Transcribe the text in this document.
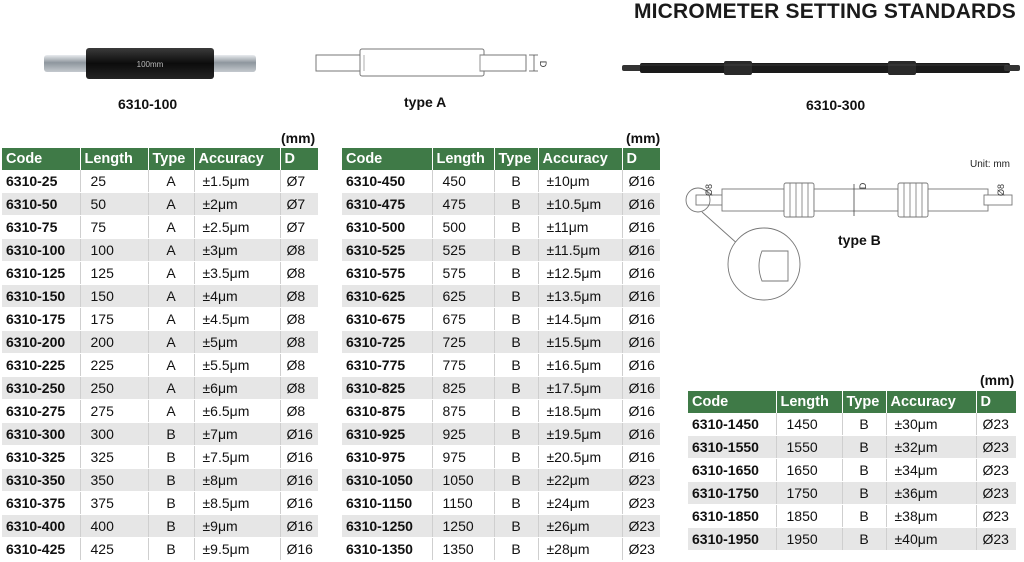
MICROMETER SETTING STANDARDS
100mm
6310-100
D
type A	6310-300
Unit: mm
Ø8	D	Ø8
type B
(mm)	(mm)
(mm)
Code	Length	Type	Accuracy	D
6310-25	25	A	±1.5μm	Ø7
6310-50	50	A	±2μm	Ø7
6310-75	75	A	±2.5μm	Ø7
6310-100	100	A	±3μm	Ø8
6310-125	125	A	±3.5μm	Ø8
6310-150	150	A	±4μm	Ø8
6310-175	175	A	±4.5μm	Ø8
6310-200	200	A	±5μm	Ø8
6310-225	225	A	±5.5μm	Ø8
6310-250	250	A	±6μm	Ø8
6310-275	275	A	±6.5μm	Ø8
6310-300	300	B	±7μm	Ø16
6310-325	325	B	±7.5μm	Ø16
6310-350	350	B	±8μm	Ø16
6310-375	375	B	±8.5μm	Ø16
6310-400	400	B	±9μm	Ø16
6310-425	425	B	±9.5μm	Ø16
Code	Length	Type	Accuracy	D
6310-450	450	B	±10μm	Ø16
6310-475	475	B	±10.5μm	Ø16
6310-500	500	B	±11μm	Ø16
6310-525	525	B	±11.5μm	Ø16
6310-575	575	B	±12.5μm	Ø16
6310-625	625	B	±13.5μm	Ø16
6310-675	675	B	±14.5μm	Ø16
6310-725	725	B	±15.5μm	Ø16
6310-775	775	B	±16.5μm	Ø16
6310-825	825	B	±17.5μm	Ø16
6310-875	875	B	±18.5μm	Ø16
6310-925	925	B	±19.5μm	Ø16
6310-975	975	B	±20.5μm	Ø16
6310-1050	1050	B	±22μm	Ø23
6310-1150	1150	B	±24μm	Ø23
6310-1250	1250	B	±26μm	Ø23
6310-1350	1350	B	±28μm	Ø23
Code	Length	Type	Accuracy	D
6310-1450	1450	B	±30μm	Ø23
6310-1550	1550	B	±32μm	Ø23
6310-1650	1650	B	±34μm	Ø23
6310-1750	1750	B	±36μm	Ø23
6310-1850	1850	B	±38μm	Ø23
6310-1950	1950	B	±40μm	Ø23
